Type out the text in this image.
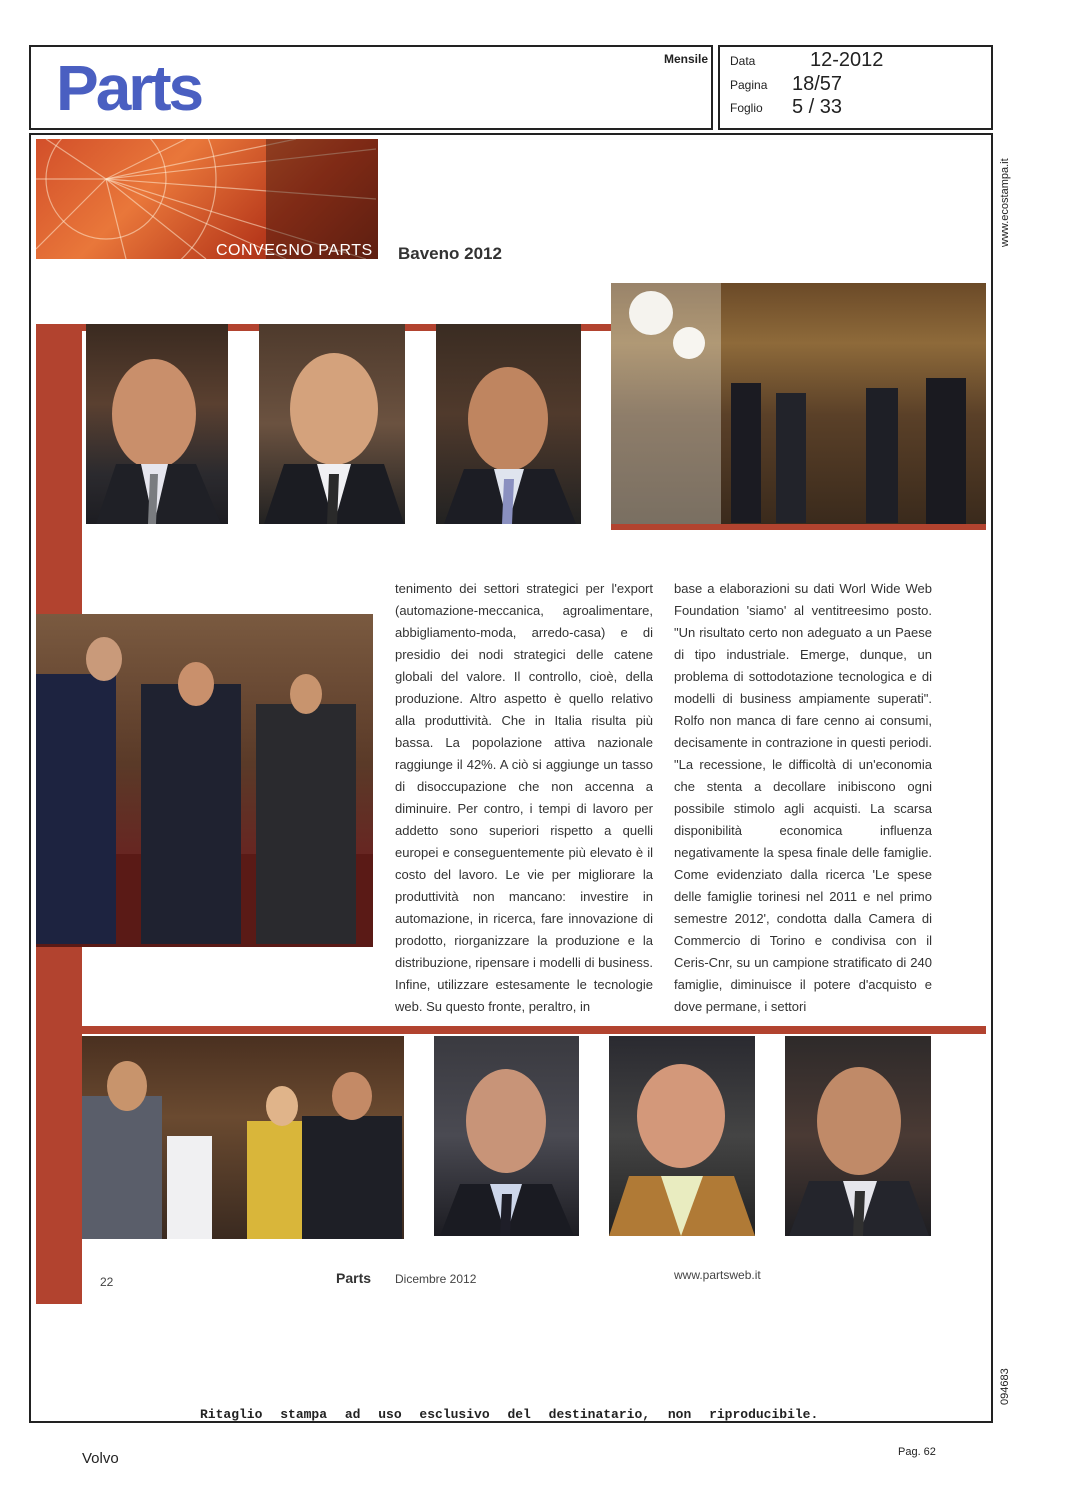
Parts	Mensile Data	12-2012
Pagina 18/57
Foglio 5 / 33
www.ecostampa.it
094683
CONVEGNO PARTS Baveno 2012

tenimento dei settori strategici per l'export (automazione-meccanica, agroalimentare, abbigliamento-moda, arredo-casa) e di presidio dei nodi strategici delle catene globali del valore. Il controllo, cioè, della produzione. Altro aspetto è quello relativo alla produttività. Che in Italia risulta più bassa. La popolazione attiva nazionale raggiunge il 42%. A ciò si aggiunge un tasso di disoccupazione che non accenna a diminuire. Per contro, i tempi di lavoro per addetto sono superiori rispetto a quelli europei e conseguentemente più elevato è il costo del lavoro. Le vie per migliorare la produttività non mancano: investire in automazione, in ricerca, fare innovazione di prodotto, riorganizzare la produzione e la distribuzione, ripensare i modelli di business. Infine, utilizzare estesamente le tecnologie web. Su questo fronte, peraltro, in

base a elaborazioni su dati Worl Wide Web Foundation 'siamo' al ventitreesimo posto. "Un risultato certo non adeguato a un Paese di tipo industriale. Emerge, dunque, un problema di sottodotazione tecnologica e di modelli di business ampiamente superati". Rolfo non manca di fare cenno ai consumi, decisamente in contrazione in questi periodi. "La recessione, le difficoltà di un'economia che stenta a decollare inibiscono ogni possibile stimolo agli acquisti. La scarsa disponibilità economica influenza negativamente la spesa finale delle famiglie. Come evidenziato dalla ricerca 'Le spese delle famiglie torinesi nel 2011 e nel primo semestre 2012', condotta dalla Camera di Commercio di Torino e condivisa con il Ceris-Cnr, su un campione stratificato di 240 famiglie, diminuisce il potere d'acquisto e dove permane, i settori

22	Parts Dicembre 2012	www.partsweb.it
Ritaglio stampa ad uso esclusivo del destinatario, non riproducibile.
Volvo	Pag. 62
